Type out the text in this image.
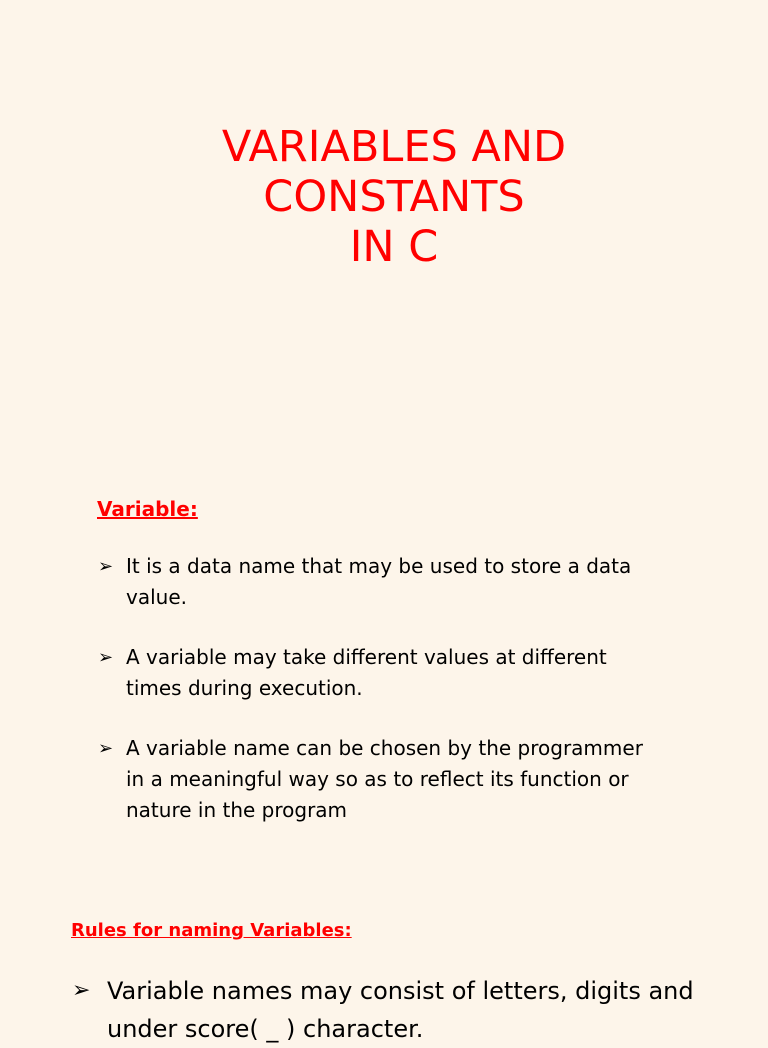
VARIABLES AND
CONSTANTS
IN C
Variable:
➢ It is a data name that may be used to store a data value.
➢ A variable may take different values at different times during execution.
➢ A variable name can be chosen by the programmer in a meaningful way so as to reflect its function or nature in the program
Rules for naming Variables:
➢ Variable names may consist of letters, digits and under score( _ ) character.
